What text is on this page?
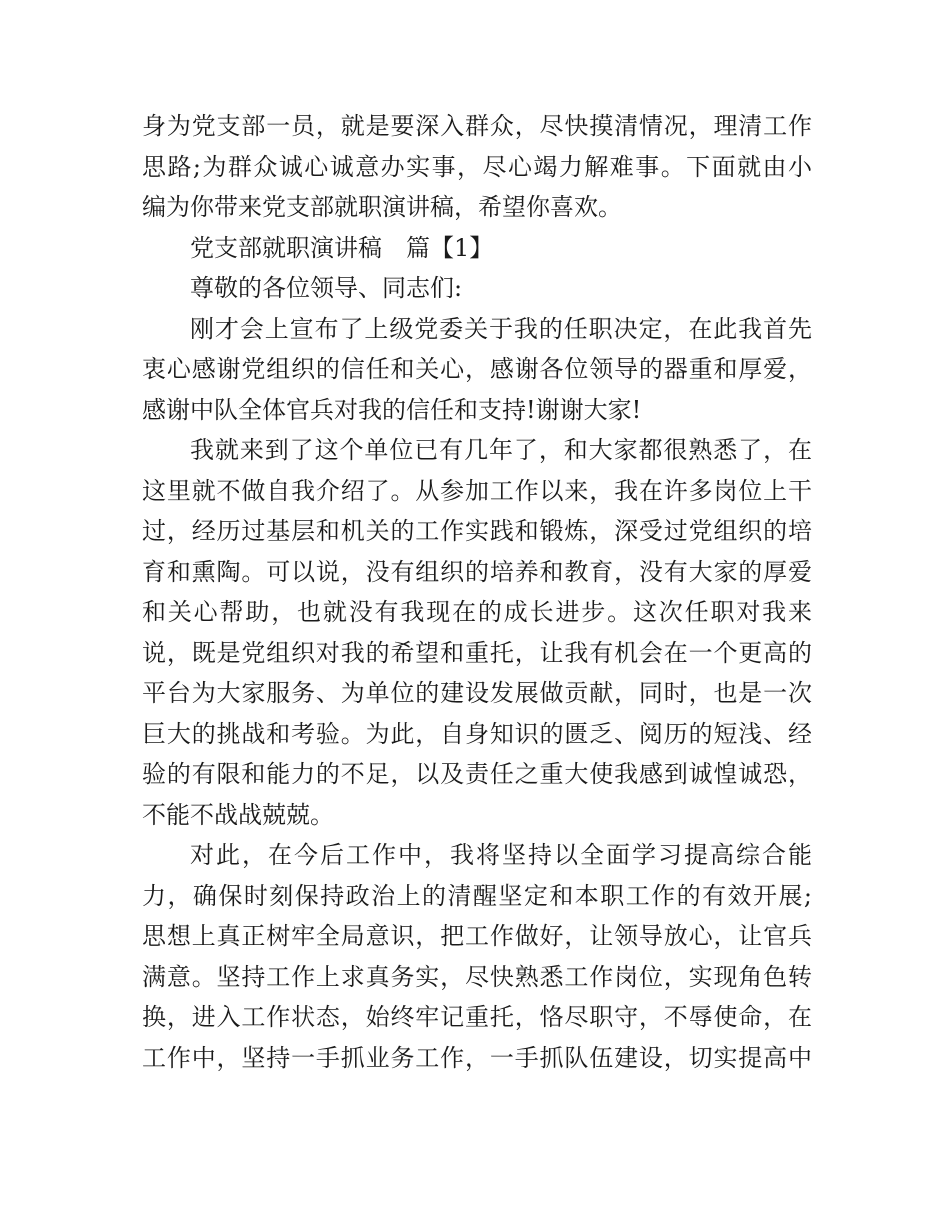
身为党支部一员，就是要深入群众，尽快摸清情况，理清工作
思路;为群众诚心诚意办实事，尽心竭力解难事。下面就由小
编为你带来党支部就职演讲稿，希望你喜欢。
党支部就职演讲稿　篇【1】
尊敬的各位领导、同志们:
刚才会上宣布了上级党委关于我的任职决定，在此我首先
衷心感谢党组织的信任和关心，感谢各位领导的器重和厚爱，
感谢中队全体官兵对我的信任和支持!谢谢大家!
我就来到了这个单位已有几年了，和大家都很熟悉了，在
这里就不做自我介绍了。从参加工作以来，我在许多岗位上干
过，经历过基层和机关的工作实践和锻炼，深受过党组织的培
育和熏陶。可以说，没有组织的培养和教育，没有大家的厚爱
和关心帮助，也就没有我现在的成长进步。这次任职对我来
说，既是党组织对我的希望和重托，让我有机会在一个更高的
平台为大家服务、为单位的建设发展做贡献，同时，也是一次
巨大的挑战和考验。为此，自身知识的匮乏、阅历的短浅、经
验的有限和能力的不足，以及责任之重大使我感到诚惶诚恐，
不能不战战兢兢。
对此，在今后工作中，我将坚持以全面学习提高综合能
力，确保时刻保持政治上的清醒坚定和本职工作的有效开展;
思想上真正树牢全局意识，把工作做好，让领导放心，让官兵
满意。坚持工作上求真务实，尽快熟悉工作岗位，实现角色转
换，进入工作状态，始终牢记重托，恪尽职守，不辱使命，在
工作中，坚持一手抓业务工作，一手抓队伍建设，切实提高中
